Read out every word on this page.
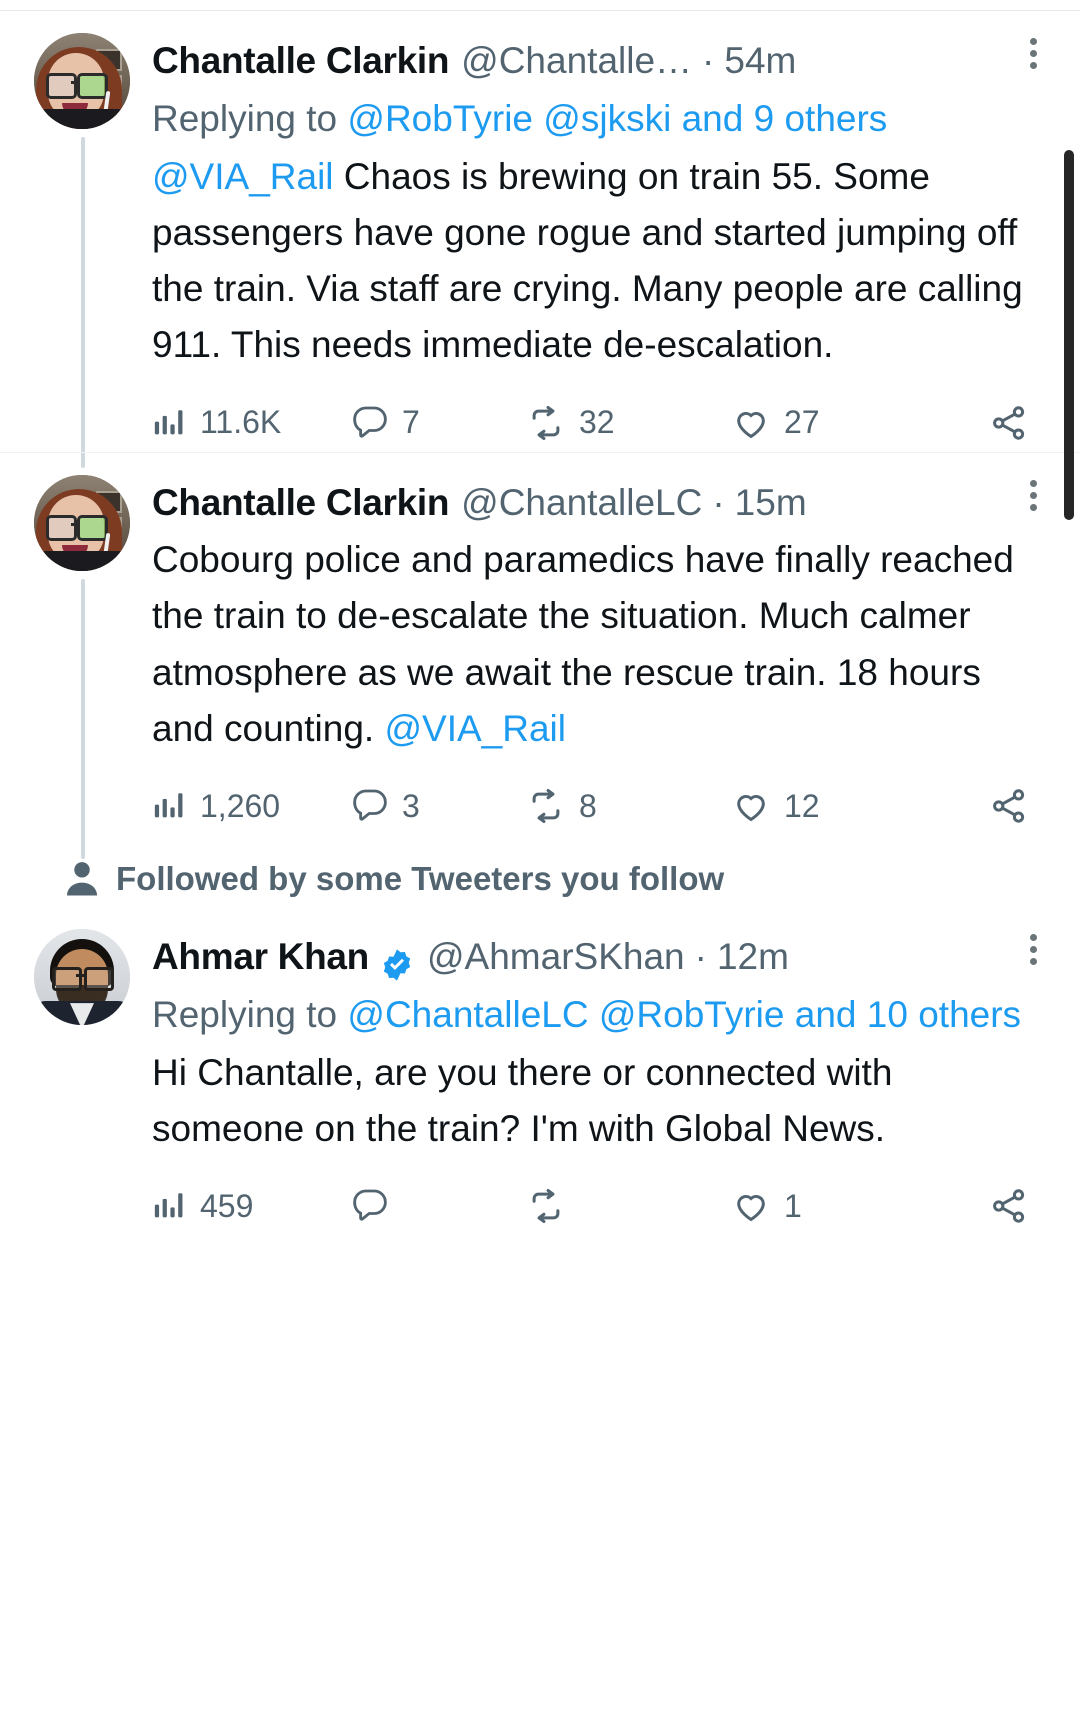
Chantalle Clarkin @Chantalle… · 54m
Replying to @RobTyrie @sjkski and 9 others
@VIA_Rail Chaos is brewing on train 55. Some passengers have gone rogue and started jumping off the train. Via staff are crying. Many people are calling 911. This needs immediate de-escalation.
11.6K	7	32	27
Chantalle Clarkin @ChantalleLC · 15m
Cobourg police and paramedics have finally reached the train to de-escalate the situation. Much calmer atmosphere as we await the rescue train. 18 hours and counting. @VIA_Rail
1,260	3	8	12
Followed by some Tweeters you follow
Ahmar Khan @AhmarSKhan · 12m
Replying to @ChantalleLC @RobTyrie and 10 others
Hi Chantalle, are you there or connected with someone on the train? I'm with Global News.
459	1
